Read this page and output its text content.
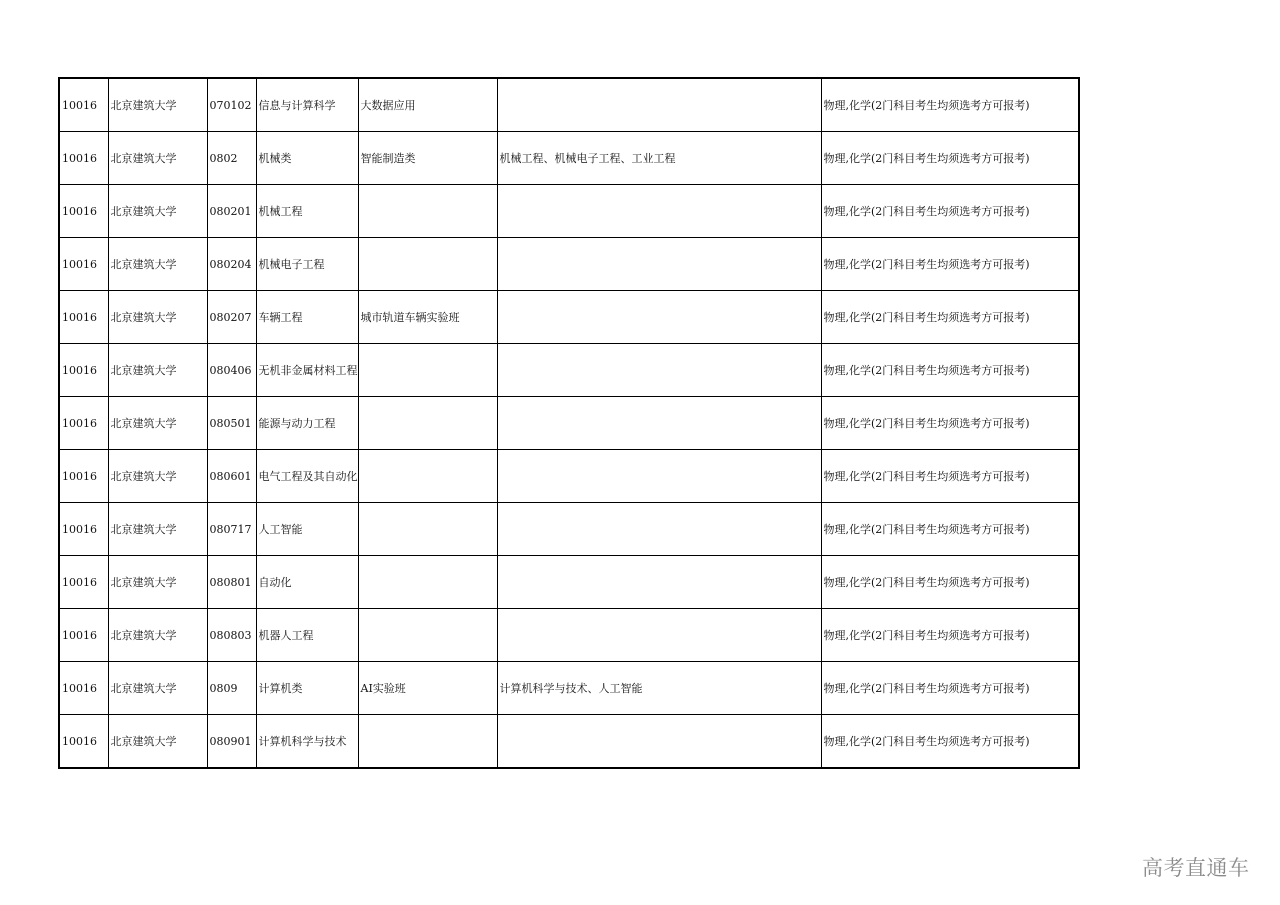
10016	北京建筑大学	070102	信息与计算科学	大数据应用		物理,化学(2门科目考生均须选考方可报考)
10016	北京建筑大学	0802	机械类	智能制造类	机械工程、机械电子工程、工业工程	物理,化学(2门科目考生均须选考方可报考)
10016	北京建筑大学	080201	机械工程			物理,化学(2门科目考生均须选考方可报考)
10016	北京建筑大学	080204	机械电子工程			物理,化学(2门科目考生均须选考方可报考)
10016	北京建筑大学	080207	车辆工程	城市轨道车辆实验班		物理,化学(2门科目考生均须选考方可报考)
10016	北京建筑大学	080406	无机非金属材料工程			物理,化学(2门科目考生均须选考方可报考)
10016	北京建筑大学	080501	能源与动力工程			物理,化学(2门科目考生均须选考方可报考)
10016	北京建筑大学	080601	电气工程及其自动化			物理,化学(2门科目考生均须选考方可报考)
10016	北京建筑大学	080717	人工智能			物理,化学(2门科目考生均须选考方可报考)
10016	北京建筑大学	080801	自动化			物理,化学(2门科目考生均须选考方可报考)
10016	北京建筑大学	080803	机器人工程			物理,化学(2门科目考生均须选考方可报考)
10016	北京建筑大学	0809	计算机类	AI实验班	计算机科学与技术、人工智能	物理,化学(2门科目考生均须选考方可报考)
10016	北京建筑大学	080901	计算机科学与技术			物理,化学(2门科目考生均须选考方可报考)
高考直通车
